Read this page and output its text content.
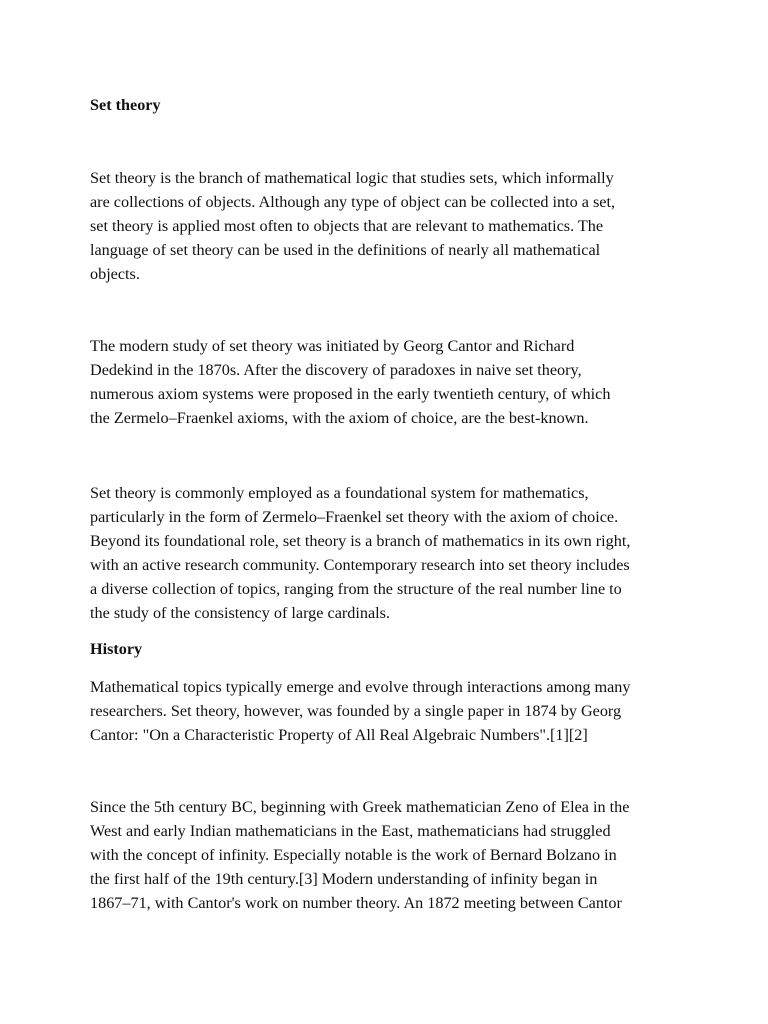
Set theory
Set theory is the branch of mathematical logic that studies sets, which informally
are collections of objects. Although any type of object can be collected into a set,
set theory is applied most often to objects that are relevant to mathematics. The
language of set theory can be used in the definitions of nearly all mathematical
objects.
The modern study of set theory was initiated by Georg Cantor and Richard
Dedekind in the 1870s. After the discovery of paradoxes in naive set theory,
numerous axiom systems were proposed in the early twentieth century, of which
the Zermelo–Fraenkel axioms, with the axiom of choice, are the best-known.
Set theory is commonly employed as a foundational system for mathematics,
particularly in the form of Zermelo–Fraenkel set theory with the axiom of choice.
Beyond its foundational role, set theory is a branch of mathematics in its own right,
with an active research community. Contemporary research into set theory includes
a diverse collection of topics, ranging from the structure of the real number line to
the study of the consistency of large cardinals.
History
Mathematical topics typically emerge and evolve through interactions among many
researchers. Set theory, however, was founded by a single paper in 1874 by Georg
Cantor: "On a Characteristic Property of All Real Algebraic Numbers".[1][2]
Since the 5th century BC, beginning with Greek mathematician Zeno of Elea in the
West and early Indian mathematicians in the East, mathematicians had struggled
with the concept of infinity. Especially notable is the work of Bernard Bolzano in
the first half of the 19th century.[3] Modern understanding of infinity began in
1867–71, with Cantor's work on number theory. An 1872 meeting between Cantor
